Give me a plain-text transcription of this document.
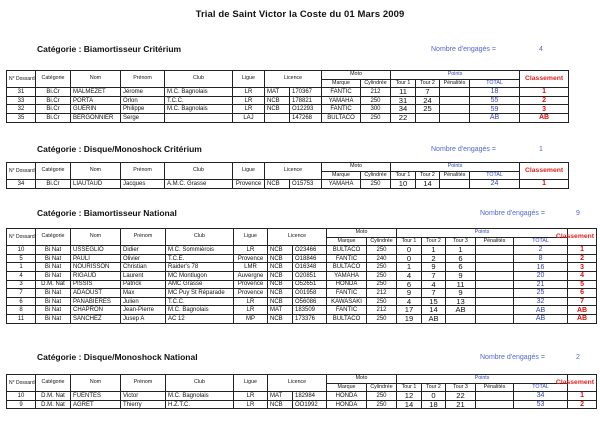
Trial de Saint Victor la Coste du 01 Mars 2009
Catégorie : Biamortisseur Critérium	Nombre d'engagés =	4
N° Dossard	Catégorie	Nom	Prénom	Club	Ligue	Licence		Moto		Points				Classement
								Marque	Cylindrée	Tour 1	Tour 2	Pénalités	TOTAL	
31	Bi.Cr	MALMEZET	Jérome	M.C. Bagnolais	LR	MAT	170367	FANTIC	212	11	7		18	1
33	Bi.Cr	PORTA	Orlon	T.C.C.	LR	NCB	178821	YAMAHA	250	31	24		55	2
32	Bi.Cr	GUERIN	Philippe	M.C. Bagnolais	LR	NCB	O12293	FANTIC	300	34	25		59	3
35	Bi.Cr	BERGONNIER	Serge		LAJ		147268	BULTACO	250	22			AB	AB
Catégorie : Disque/Monoshock Critérium	Nombre d'engagés =	1
N° Dossard	Catégorie	Nom	Prénom	Club	Ligue	Licence		Moto		Points				Classement
								Marque	Cylindrée	Tour 1	Tour 2	Pénalités	TOTAL	
34	Bi.Cr	LIAUTAUD	Jacques	A.M.C. Grasse	Provence	NCB	O15753	YAMAHA	250	10	14		24	1
Catégorie : Biamortisseur National	Nombre d'engagés =	9
N° Dossard	Catégorie	Nom	Prénom	Club	Ligue	Licence		Moto		Points					Classement
								Marque	Cylindrée	Tour 1	Tour 2	Tour 3	Pénalités	TOTAL	
10	Bi Nat	USSEGLIO	Didier	M.C. Sommièrois	LR	NCB	O23466	BULTACO	250	0	1	1		2	1
5	Bi Nat	PAULI	Olivier	T.C.E.	Provence	NCB	O18846	FANTIC	240	0	2	6		8	2
1	Bi Nat	NOURISSON	Christian	Raider's 78	LMR	NCB	O16348	BULTACO	250	1	9	6		16	3
4	Bi Nat	RIGAUD	Laurent	MC Montlugon	Auvergne	NCB	O20851	YAMAHA	250	4	7	9		20	4
3	D.M. Nat	PISSIS	Patrick	AMC Grasse	Provence	NCB	O52651	HONDA	250	6	4	11		21	5
7	Bi Nat	ADAOUST	Max	MC Puy St Réparade	Provence	NCB	O01958	FANTIC	212	9	7	9		25	6
6	Bi Nat	PANABIERES	Julien	T.C.C.	LR	NCB	O56086	KAWASAKI	250	4	15	13		32	7
8	Bi Nat	CHAPRON	Jean-Pierre	M.C. Bagnolais	LR	MAT	183509	FANTIC	212	17	14	AB		AB	AB
11	Bi Nat	SANCHEZ	Jusep A	AC 12	MP	NCB	173376	BULTACO	250	19	AB			AB	AB
Catégorie : Disque/Monoshock National	Nombre d'engagés =	2
N° Dossard	Catégorie	Nom	Prénom	Club	Ligue	Licence		Moto		Points					Classement
								Marque	Cylindrée	Tour 1	Tour 2	Tour 3	Pénalités	TOTAL	
10	D.M. Nat	FUENTES	Victor	M.C. Bagnolais	LR	MAT	182984	HONDA	250	12	0	22		34	1
9	D.M. Nat	AGRET	Thierry	H.Z.T.C.	LR	NCB	OO1992	HONDA	250	14	18	21		53	2
